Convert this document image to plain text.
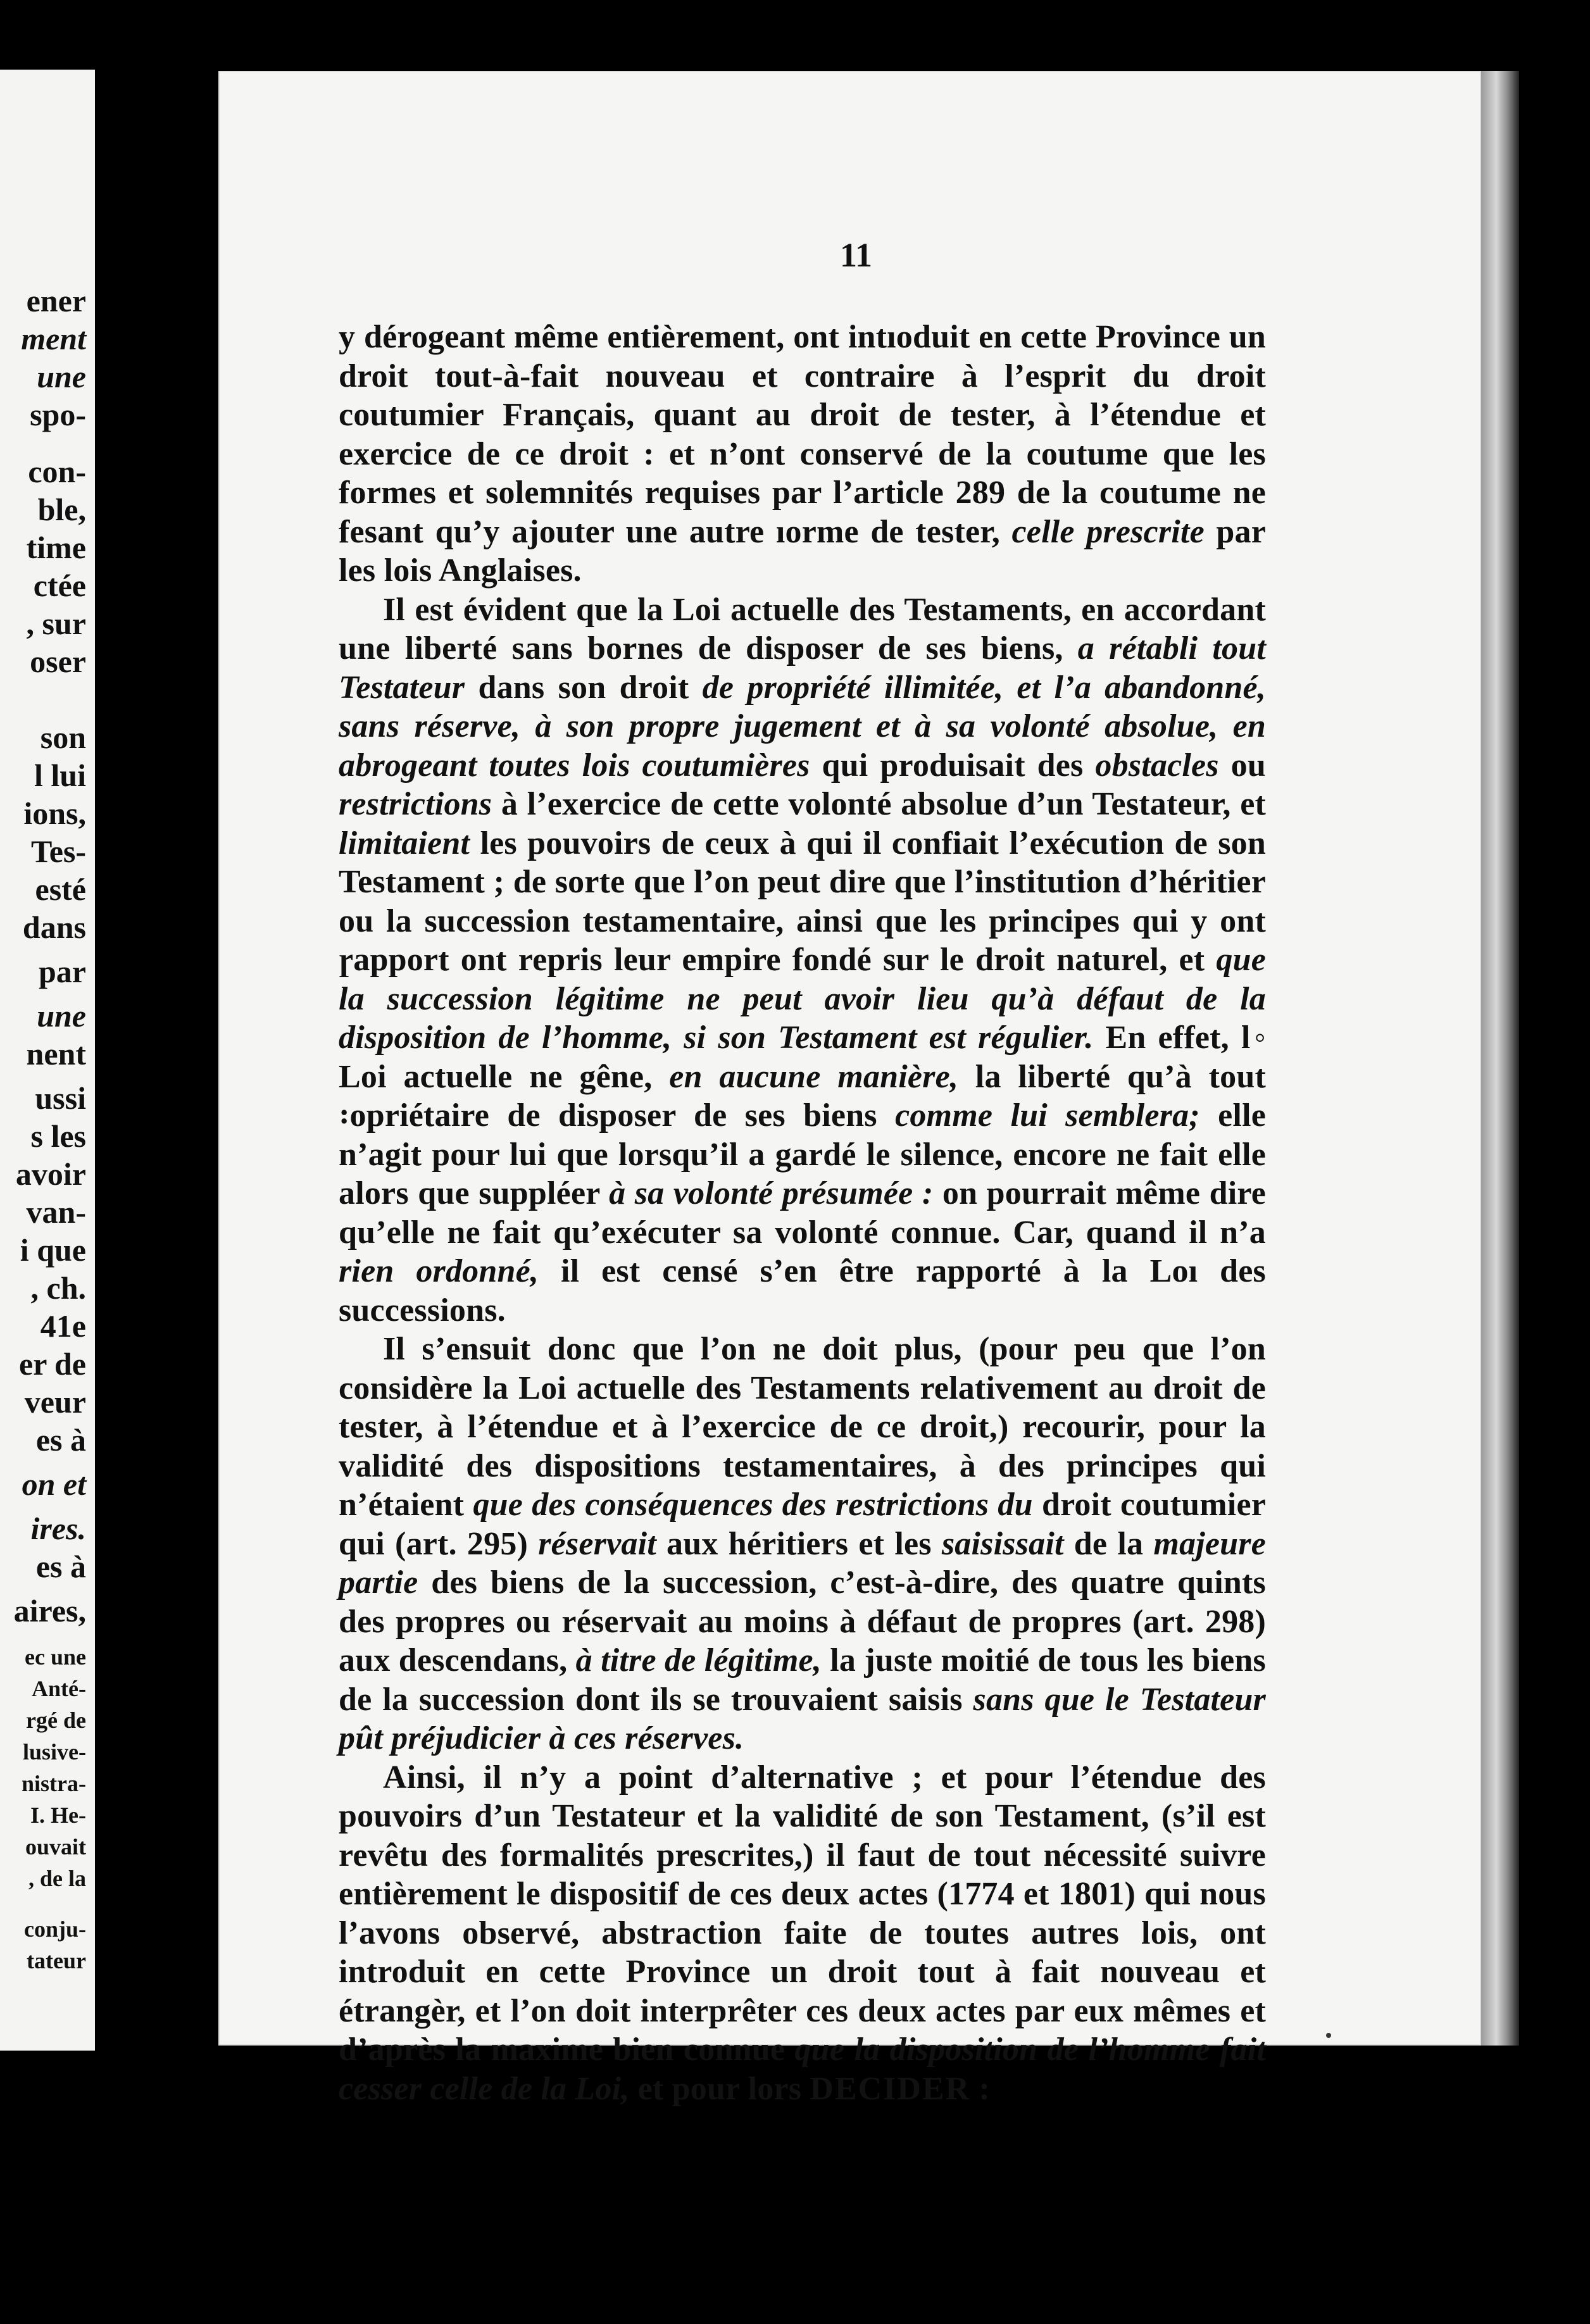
ener
ment
une
spo-
con-
ble,
time
ctée
, sur
oser
son
l lui
ions,
Tes-
esté
dans
par
une
nent
ussi
s les
avoir
van-
i que
, ch.
41e
er de
veur
es à
on et
ires.
es à
aires,
ec une
Anté-
rgé de
lusive-
nistra-
I. He-
ouvait
, de la
conju-
tateur
11

y dérogeant même entièrement, ont intıoduit en cette Province un droit tout-à-fait nouveau et contraire à l’esprit du droit coutumier Français, quant au droit de tester, à l’étendue et exercice de ce droit : et n’ont conservé de la coutume que les formes et solemnités requises par l’article 289 de la coutume ne fesant qu’y ajouter une autre ıorme de tester, celle prescrite par les lois Anglaises.

Il est évident que la Loi actuelle des Testaments, en accordant une liberté sans bornes de disposer de ses biens, a rétabli tout Testateur dans son droit de propriété illimitée, et l’a abandonné, sans réserve, à son propre jugement et à sa volonté absolue, en abrogeant toutes lois coutumières qui produisait des obstacles ou restrictions à l’exercice de cette volonté absolue d’un Testateur, et limitaient les pouvoirs de ceux à qui il confiait l’exécution de son Testament ; de sorte que l’on peut dire que l’institution d’héritier ou la succession testamentaire, ainsi que les principes qui y ont ɼapport ont repris leur empire fondé sur le droit naturel, et que la succession légitime ne peut avoir lieu qu’à défaut de la disposition de l’homme, si son Testament est régulier. En effet, l◦ Loi actuelle ne gêne, en aucune manière, la liberté qu’à tout ꞉opriétaire de disposer de ses biens comme lui semblera; elle n’agit pour lui que lorsqu’il a gardé le silence, encore ne fait elle alors que suppléer à sa volonté présumée : on pourrait même dire qu’elle ne fait qu’exécuter sa volonté connue. Car, quand il n’a rien ordonné, il est censé s’en être rapporté à la Loı des successions.

Il s’ensuit donc que l’on ne doit plus, (pour peu que l’on considère la Loi actuelle des Testaments relativement au droit de tester, à l’étendue et à l’exercice de ce droit,) recourir, pour la validité des dispositions testamentaires, à des principes qui n’étaient que des conséquences des restrictions du droit coutumier qui (art. 295) réservait aux héritiers et les saisissait de la majeure partie des biens de la succession, c’est-à-dire, des quatre quints des propres ou réservait au moins à défaut de propres (art. 298) aux descendans, à titre de légitime, la juste moitié de tous les biens de la succession dont ils se trouvaient saisis sans que le Testateur pût préjudicier à ces réserves.

Ainsi, il n’y a point d’alternative ; et pour l’étendue des pouvoirs d’un Testateur et la validité de son Testament, (s’il est revêtu des formalités prescrites,) il faut de tout nécessité suivre entièrement le dispositif de ces deux actes (1774 et 1801) qui nous l’avons observé, abstraction faite de toutes autres lois, ont introduit en cette Province un droit tout à fait nouveau et étrangèr, et l’on doit interprêter ces deux actes par eux mêmes et d’après la maxime bien connue que la disposition de l’homme fait cesser celle de la Loi, et pour lors DECIDER :
